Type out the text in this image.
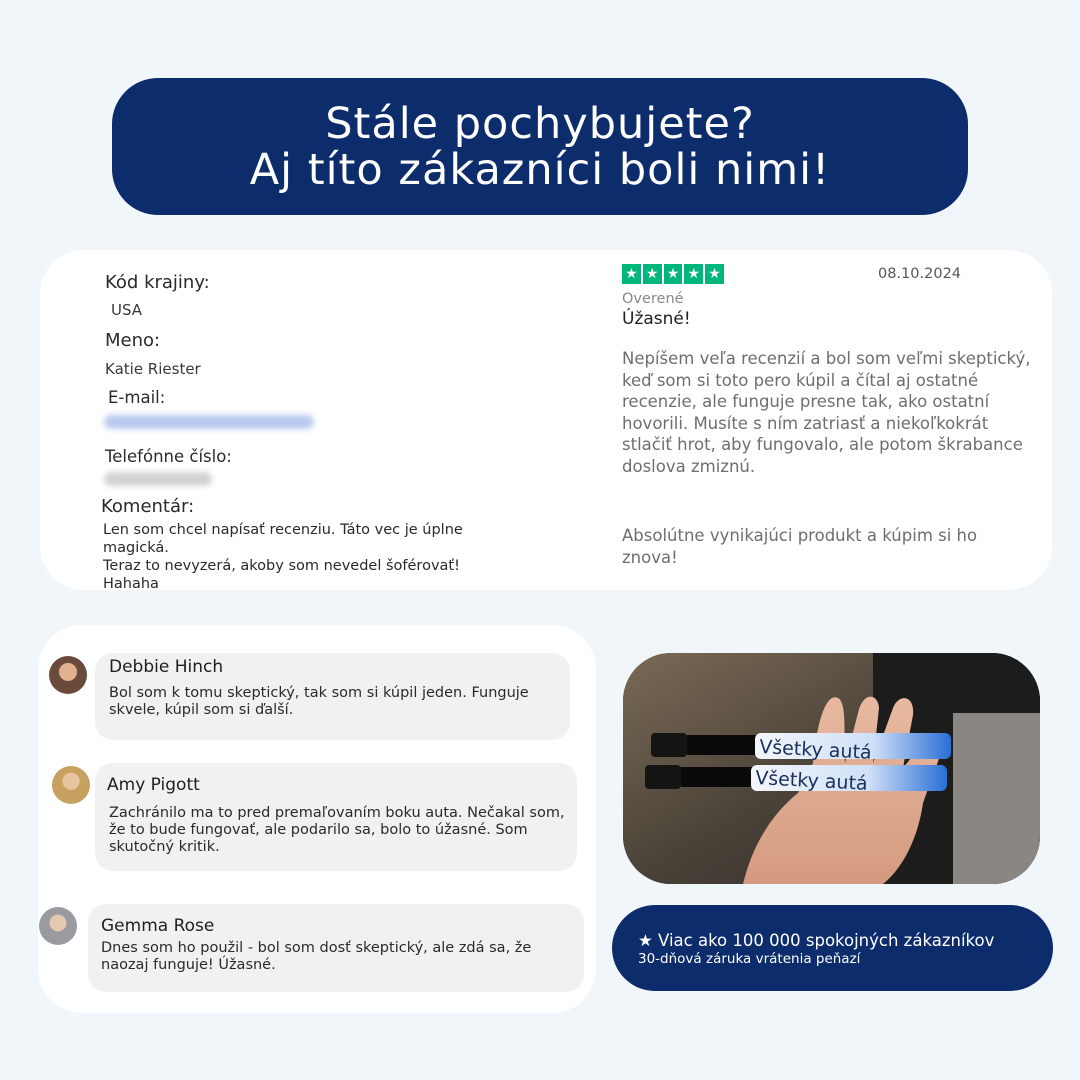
Stále pochybujete?
Aj títo zákazníci boli nimi!
Kód krajiny:
USA
Meno:
Katie Riester
E-mail:
Telefónne číslo:
Komentár:
Len som chcel napísať recenziu. Táto vec je úplne magická.
Teraz to nevyzerá, akoby som nevedel šoférovať!
Hahaha
★ ★ ★ ★ ★	08.10.2024
Overené
Úžasné!
Nepíšem veľa recenzií a bol som veľmi skeptický, keď som si toto pero kúpil a čítal aj ostatné recenzie, ale funguje presne tak, ako ostatní hovorili. Musíte s ním zatriasť a niekoľkokrát stlačiť hrot, aby fungovalo, ale potom škrabance doslova zmiznú.
Absolútne vynikajúci produkt a kúpim si ho znova!
Debbie Hinch
Bol som k tomu skeptický, tak som si kúpil jeden. Funguje skvele, kúpil som si ďalší.
Amy Pigott
Zachránilo ma to pred premaľovaním boku auta. Nečakal som, že to bude fungovať, ale podarilo sa, bolo to úžasné. Som skutočný kritik.
Gemma Rose
Dnes som ho použil - bol som dosť skeptický, ale zdá sa, že naozaj funguje! Úžasné.
Všetky autá
Všetky autá
★ Viac ako 100 000 spokojných zákazníkov
30-dňová záruka vrátenia peňazí
